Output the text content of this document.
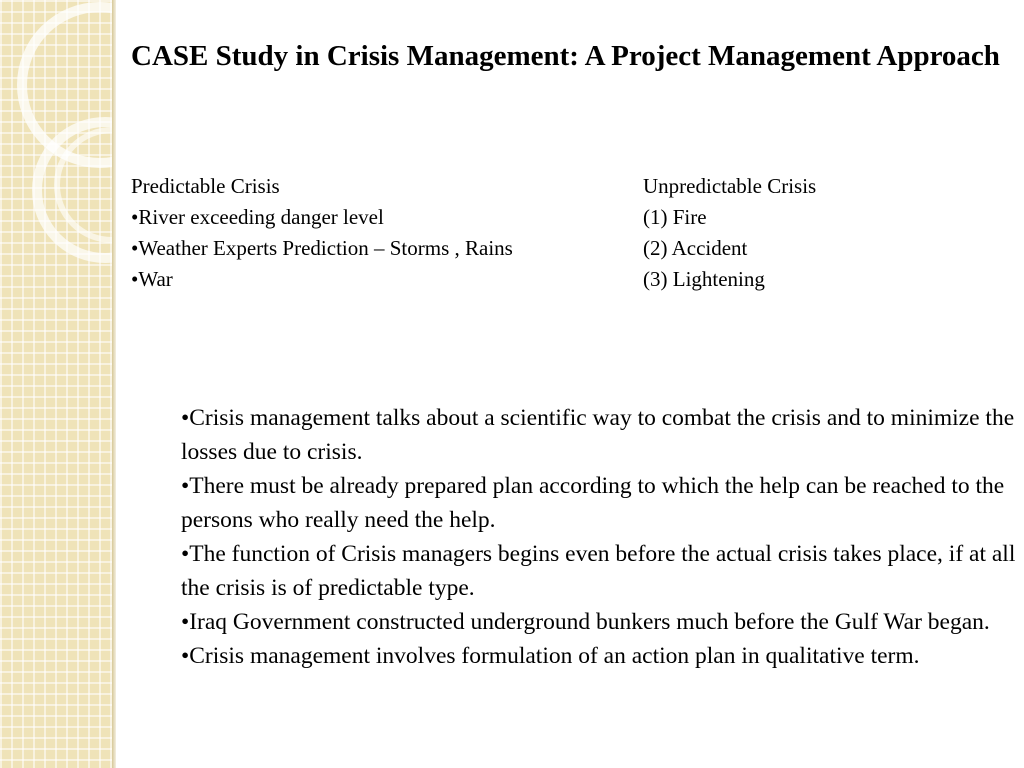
CASE Study in Crisis Management: A Project Management Approach
Predictable Crisis
•River exceeding danger level
•Weather Experts Prediction – Storms , Rains
•War
Unpredictable Crisis
(1) Fire
(2) Accident
(3) Lightening

•Crisis management talks about a scientific way to combat the crisis and to minimize the losses due to crisis.

•There must be already prepared plan according to which the help can be reached to the persons who really need the help.

•The function of Crisis managers begins even before the actual crisis takes place, if at all the crisis is of predictable type.

•Iraq Government constructed underground bunkers much before the Gulf War began.

•Crisis management involves formulation of an action plan in qualitative term.
